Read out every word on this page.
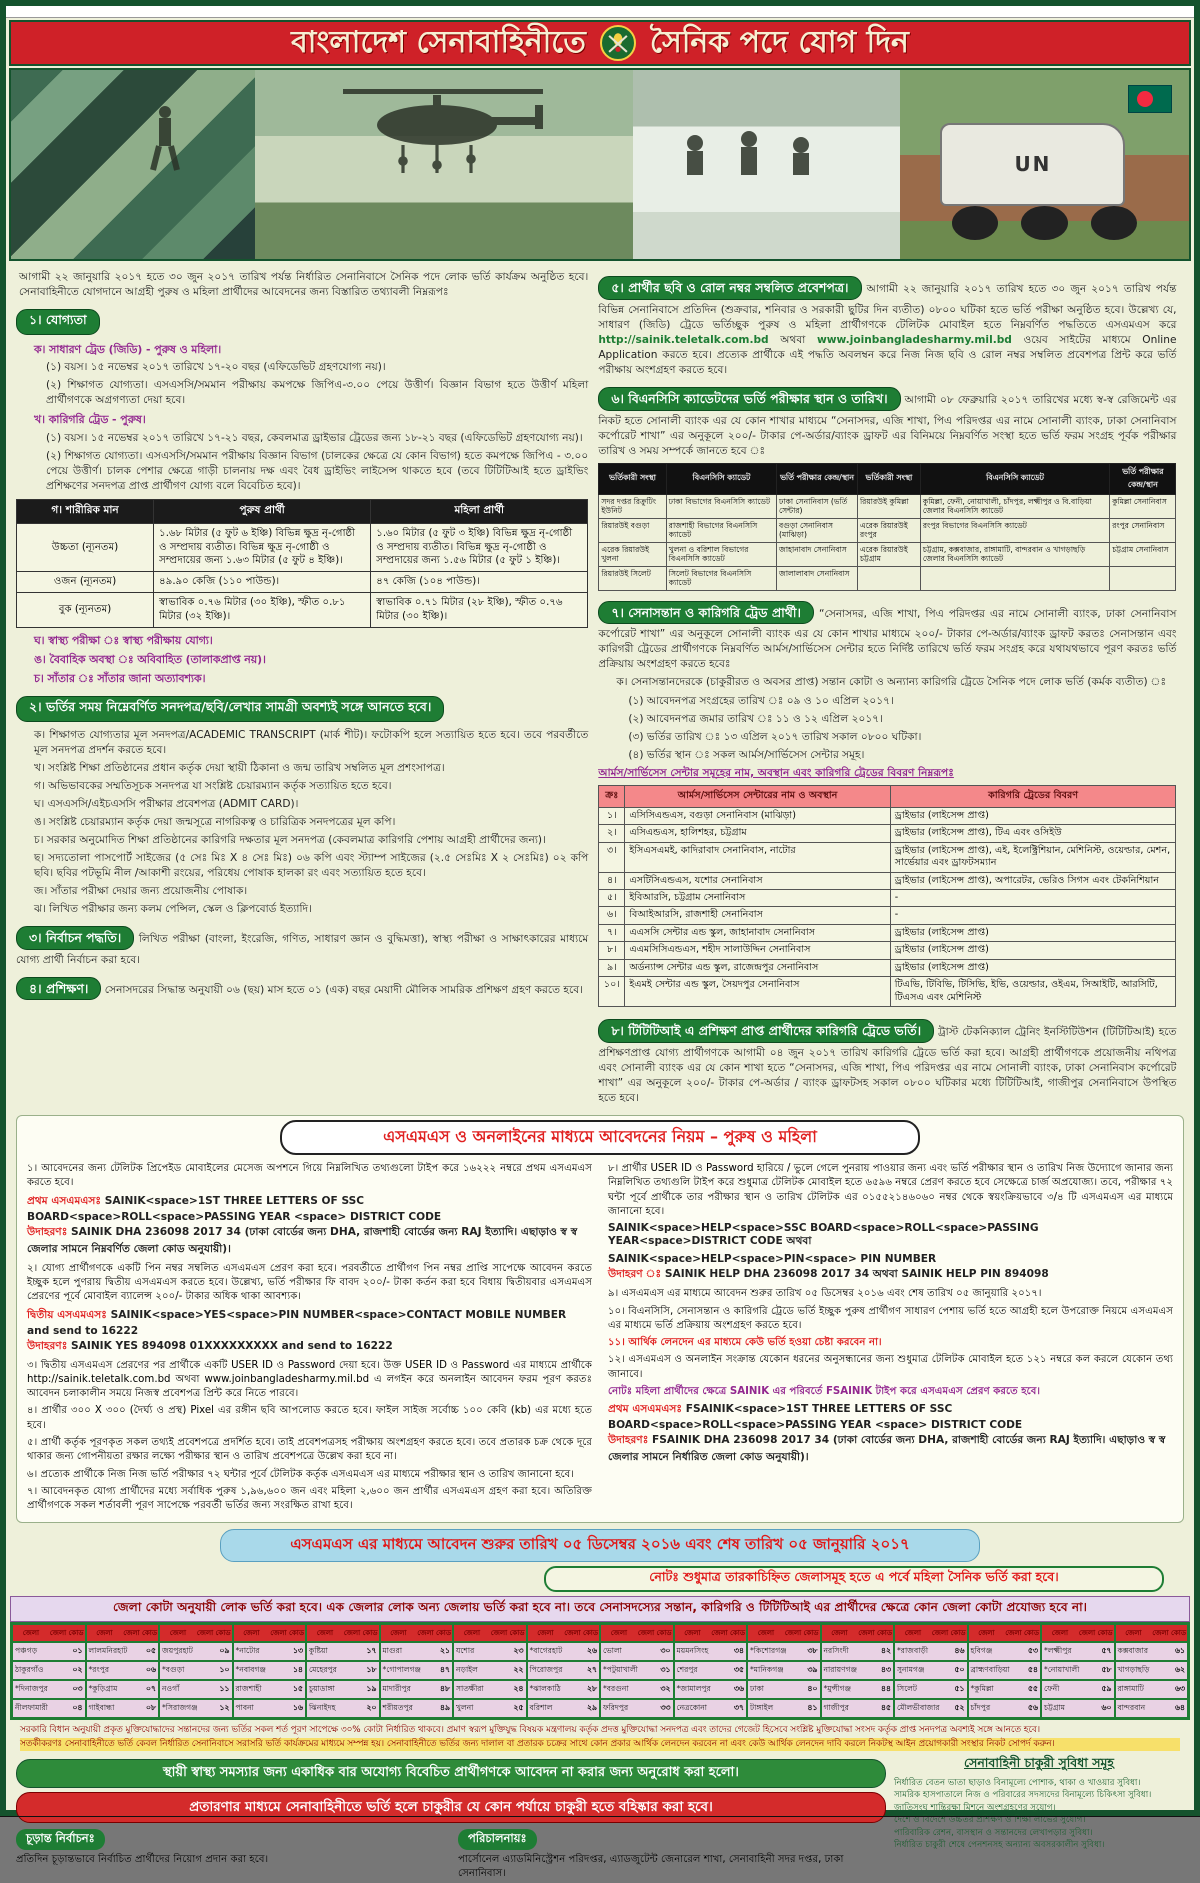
বাংলাদেশ সেনাবাহিনীতে সৈনিক পদে যোগ দিন
UN

আগামী ২২ জানুয়ারি ২০১৭ হতে ৩০ জুন ২০১৭ তারিখ পর্যন্ত নির্ধারিত সেনানিবাসে সৈনিক পদে লোক ভর্তি কার্যক্রম অনুষ্ঠিত হবে। সেনাবাহিনীতে যোগদানে আগ্রহী পুরুষ ও মহিলা প্রার্থীদের আবেদনের জন্য বিস্তারিত তথ্যাবলী নিম্নরূপঃ

১। যোগ্যতা

ক। সাধারণ ট্রেড (জিডি) - পুরুষ ও মহিলা।

(১) বয়স। ১৫ নভেম্বর ২০১৭ তারিখে ১৭-২০ বছর (এফিডেভিট গ্রহণযোগ্য নয়)।

(২) শিক্ষাগত যোগ্যতা। এসএসসি/সমমান পরীক্ষায় কমপক্ষে জিপিএ-৩.০০ পেয়ে উত্তীর্ণ। বিজ্ঞান বিভাগ হতে উত্তীর্ণ মহিলা প্রার্থীগণকে অগ্রগণ্যতা দেয়া হবে।

খ। কারিগরি ট্রেড - পুরুষ।

(১) বয়স। ১৫ নভেম্বর ২০১৭ তারিখে ১৭-২১ বছর, কেবলমাত্র ড্রাইভার ট্রেডের জন্য ১৮-২১ বছর (এফিডেভিট গ্রহণযোগ্য নয়)।

(২) শিক্ষাগত যোগ্যতা। এসএসসি/সমমান পরীক্ষায় বিজ্ঞান বিভাগ (চালকের ক্ষেত্রে যে কোন বিভাগ) হতে কমপক্ষে জিপিএ - ৩.০০ পেয়ে উত্তীর্ণ। চালক পেশার ক্ষেত্রে গাড়ী চালনায় দক্ষ এবং বৈধ ড্রাইভিং লাইসেন্স থাকতে হবে (তবে টিটিটিআই হতে ড্রাইভিং প্রশিক্ষণের সনদপত্র প্রাপ্ত প্রার্থীগণ যোগ্য বলে বিবেচিত হবে)।

গ। শারীরিক মান	পুরুষ প্রার্থী	মহিলা প্রার্থী
উচ্চতা (ন্যূনতম)	১.৬৮ মিটার (৫ ফুট ৬ ইঞ্চি) বিভিন্ন ক্ষুদ্র নৃ-গোষ্ঠী ও সম্প্রদায় ব্যতীত। বিভিন্ন ক্ষুদ্র নৃ-গোষ্ঠী ও সম্প্রদায়ের জন্য ১.৬৩ মিটার (৫ ফুট ৪ ইঞ্চি)।	১.৬০ মিটার (৫ ফুট ৩ ইঞ্চি) বিভিন্ন ক্ষুদ্র নৃ-গোষ্ঠী ও সম্প্রদায় ব্যতীত। বিভিন্ন ক্ষুদ্র নৃ-গোষ্ঠী ও সম্প্রদায়ের জন্য ১.৫৬ মিটার (৫ ফুট ১ ইঞ্চি)।
ওজন (ন্যূনতম)	৪৯.৯০ কেজি (১১০ পাউন্ড)।	৪৭ কেজি (১০৪ পাউন্ড)।
বুক (ন্যূনতম)	স্বাভাবিক ০.৭৬ মিটার (৩০ ইঞ্চি), স্ফীত ০.৮১ মিটার (৩২ ইঞ্চি)।	স্বাভাবিক ০.৭১ মিটার (২৮ ইঞ্চি), স্ফীত ০.৭৬ মিটার (৩০ ইঞ্চি)।

ঘ। স্বাস্থ্য পরীক্ষা ঃ স্বাস্থ্য পরীক্ষায় যোগ্য।

ঙ। বৈবাহিক অবস্থা ঃ অবিবাহিত (তালাকপ্রাপ্ত নয়)।

চ। সাঁতার ঃ সাঁতার জানা অত্যাবশ্যক।

২। ভর্তির সময় নিম্নেবর্ণিত সনদপত্র/ছবি/লেখার সামগ্রী অবশ্যই সঙ্গে আনতে হবে।

ক। শিক্ষাগত যোগ্যতার মূল সনদপত্র/ACADEMIC TRANSCRIPT (মার্ক শীট)। ফটোকপি হলে সত্যায়িত হতে হবে। তবে পরবর্তীতে মূল সনদপত্র প্রদর্শন করতে হবে।

খ। সংশ্লিষ্ট শিক্ষা প্রতিষ্ঠানের প্রধান কর্তৃক দেয়া স্থায়ী ঠিকানা ও জন্ম তারিখ সম্বলিত মূল প্রশংসাপত্র।

গ। অভিভাবকের সম্মতিসূচক সনদপত্র যা সংশ্লিষ্ট চেয়ারম্যান কর্তৃক সত্যায়িত হতে হবে।

ঘ। এসএসসি/এইচএসসি পরীক্ষার প্রবেশপত্র (ADMIT CARD)।

ঙ। সংশ্লিষ্ট চেয়ারম্যান কর্তৃক দেয়া জন্মসূত্রে নাগরিকত্ব ও চারিত্রিক সনদপত্রের মূল কপি।

চ। সরকার অনুমোদিত শিক্ষা প্রতিষ্ঠানের কারিগরি দক্ষতার মূল সনদপত্র (কেবলমাত্র কারিগরি পেশায় আগ্রহী প্রার্থীদের জন্য)।

ছ। সদ্যতোলা পাসপোর্ট সাইজের (৫ সেঃ মিঃ X ৪ সেঃ মিঃ) ০৬ কপি এবং স্ট্যাম্প সাইজের (২.৫ সেঃমিঃ X ২ সেঃমিঃ) ০২ কপি ছবি। ছবির পটভূমি নীল /আকাশী রংয়ের, পরিধেয় পোষাক হালকা রং এবং সত্যায়িত হতে হবে।

জ। সাঁতার পরীক্ষা দেয়ার জন্য প্রয়োজনীয় পোষাক।

ঝ। লিখিত পরীক্ষার জন্য কলম পেন্সিল, স্কেল ও ক্লিপবোর্ড ইত্যাদি।

৩। নির্বাচন পদ্ধতি। লিখিত পরীক্ষা (বাংলা, ইংরেজি, গণিত, সাধারণ জ্ঞান ও বুদ্ধিমত্তা), স্বাস্থ্য পরীক্ষা ও সাক্ষাৎকারের মাধ্যমে যোগ্য প্রার্থী নির্বাচন করা হবে।

৪। প্রশিক্ষণ। সেনাসদরের সিদ্ধান্ত অনুযায়ী ০৬ (ছয়) মাস হতে ০১ (এক) বছর মেয়াদী মৌলিক সামরিক প্রশিক্ষণ গ্রহণ করতে হবে।

৫। প্রার্থীর ছবি ও রোল নম্বর সম্বলিত প্রবেশপত্র। আগামী ২২ জানুয়ারি ২০১৭ তারিখ হতে ৩০ জুন ২০১৭ তারিখ পর্যন্ত বিভিন্ন সেনানিবাসে প্রতিদিন (শুক্রবার, শনিবার ও সরকারী ছুটির দিন ব্যতীত) ০৮০০ ঘটিকা হতে ভর্তি পরীক্ষা অনুষ্ঠিত হবে। উল্লেখ্য যে, সাধারণ (জিডি) ট্রেডে ভর্তিচ্ছুক পুরুষ ও মহিলা প্রার্থীগণকে টেলিটক মোবাইল হতে নিম্নবর্ণিত পদ্ধতিতে এসএমএস করে http://sainik.teletalk.com.bd অথবা www.joinbangladesharmy.mil.bd ওয়েব সাইটের মাধ্যমে Online Application করতে হবে। প্রত্যেক প্রার্থীকে এই পদ্ধতি অবলম্বন করে নিজ নিজ ছবি ও রোল নম্বর সম্বলিত প্রবেশপত্র প্রিন্ট করে ভর্তি পরীক্ষায় অংশগ্রহণ করতে হবে।

৬। বিএনসিসি ক্যাডেটদের ভর্তি পরীক্ষার স্থান ও তারিখ। আগামী ০৮ ফেব্রুয়ারি ২০১৭ তারিখের মধ্যে স্ব-স্ব রেজিমেন্ট এর নিকট হতে সোনালী ব্যাংক এর যে কোন শাখার মাধ্যমে “সেনাসদর, এজি শাখা, পিএ পরিদপ্তর এর নামে সোনালী ব্যাংক, ঢাকা সেনানিবাস কর্পোরেট শাখা” এর অনুকূলে ২০০/- টাকার পে-অর্ডার/ব্যাংক ড্রাফট এর বিনিময়ে নিম্নবর্ণিত সংস্থা হতে ভর্তি ফরম সংগ্রহ পূর্বক পরীক্ষার তারিখ ও সময় সম্পর্কে জানতে হবে ঃ

ভর্তিকারী সংস্থা	বিএনসিসি ক্যাডেট	ভর্তি পরীক্ষার কেন্দ্র/স্থান	ভর্তিকারী সংস্থা	বিএনসিসি ক্যাডেট	ভর্তি পরীক্ষার কেন্দ্র/স্থান
সদর দপ্তর রিক্রুটিং ইউনিট	ঢাকা বিভাগের বিএনসিসি ক্যাডেট	ঢাকা সেনানিবাস (ভর্তি সেন্টার)	রিয়ারউই কুমিল্লা	কুমিল্লা, ফেনী, নোয়াখালী, চাঁদপুর, লক্ষ্মীপুর ও বি.বাড়িয়া জেলার বিএনসিসি ক্যাডেট	কুমিল্লা সেনানিবাস
রিয়ারউই বগুড়া	রাজশাহী বিভাগের বিএনসিসি ক্যাডেট	বগুড়া সেনানিবাস (মাঝিড়া)	এরেক রিয়ারউই রংপুর	রংপুর বিভাগের বিএনসিসি ক্যাডেট	রংপুর সেনানিবাস
এরেক রিয়ারউই খুলনা	খুলনা ও বরিশাল বিভাগের বিএনসিসি ক্যাডেট	জাহানাবাদ সেনানিবাস	এরেক রিয়ারউই চট্টগ্রাম	চট্টগ্রাম, কক্সবাজার, রাঙ্গামাটি, বান্দরবান ও খাগড়াছড়ি জেলার বিএনসিসি ক্যাডেট	চট্টগ্রাম সেনানিবাস
রিয়ারউই সিলেট	সিলেট বিভাগের বিএনসিসি ক্যাডেট	জালালাবাদ সেনানিবাস			

৭। সেনাসন্তান ও কারিগরি ট্রেড প্রার্থী। “সেনাসদর, এজি শাখা, পিএ পরিদপ্তর এর নামে সোনালী ব্যাংক, ঢাকা সেনানিবাস কর্পোরেট শাখা” এর অনুকূলে সোনালী ব্যাংক এর যে কোন শাখার মাধ্যমে ২০০/- টাকার পে-অর্ডার/ব্যাংক ড্রাফট করতঃ সেনাসন্তান এবং কারিগরী ট্রেডের প্রার্থীগণকে নিম্নবর্ণিত আর্মস/সার্ভিসেস সেন্টার হতে নির্দিষ্ট তারিখে ভর্তি ফরম সংগ্রহ করে যথাযথভাবে পূরণ করতঃ ভর্তি প্রক্রিয়ায় অংশগ্রহণ করতে হবেঃ

ক। সেনাসন্তানদেরকে (চাকুরীরত ও অবসর প্রাপ্ত) সন্তান কোটা ও অন্যান্য কারিগরি ট্রেডে সৈনিক পদে লোক ভর্তি (কর্মক ব্যতীত) ঃ

(১) আবেদনপত্র সংগ্রহের তারিখ ঃ ০৯ ও ১০ এপ্রিল ২০১৭।

(২) আবেদনপত্র জমার তারিখ ঃ ১১ ও ১২ এপ্রিল ২০১৭।

(৩) ভর্তির তারিখ ঃ ১৩ এপ্রিল ২০১৭ তারিখ সকাল ০৮০০ ঘটিকা।

(৪) ভর্তির স্থান ঃ সকল আর্মস/সার্ভিসেস সেন্টার সমূহ।

আর্মস/সার্ভিসেস সেন্টার সমূহের নাম, অবস্থান এবং কারিগরি ট্রেডের বিবরণ নিম্নরূপঃ

ক্রঃ	আর্মস/সার্ভিসেস সেন্টারের নাম ও অবস্থান	কারিগরি ট্রেডের বিবরণ
১।	এসিসিএন্ডএস, বগুড়া সেনানিবাস (মাঝিড়া)	ড্রাইভার (লাইসেন্স প্রাপ্ত)
২।	এসিএন্ডএস, হালিশহর, চট্টগ্রাম	ড্রাইভার (লাইসেন্স প্রাপ্ত), টিএ এবং ওসিইউ
৩।	ইসিএসএমই, কাদিরাবাদ সেনানিবাস, নাটোর	ড্রাইভার (লাইসেন্স প্রাপ্ত), এই, ইলেক্ট্রিশিয়ান, মেশিনিস্ট, ওয়েল্ডার, মেশন, সার্ভেয়ার এবং ড্রাফটসম্যান
৪।	এসটিসিএন্ডএস, যশোর সেনানিবাস	ড্রাইভার (লাইসেন্স প্রাপ্ত), অপারেটর, ভেরিও সিগস এবং টেকনিশিয়ান
৫।	ইবিআরসি, চট্টগ্রাম সেনানিবাস	-
৬।	বিআইআরসি, রাজশাহী সেনানিবাস	-
৭।	এএসসি সেন্টার এন্ড স্কুল, জাহানাবাদ সেনানিবাস	ড্রাইভার (লাইসেন্স প্রাপ্ত)
৮।	এএমসিসিএন্ডএস, শহীদ সালাউদ্দিন সেনানিবাস	ড্রাইভার (লাইসেন্স প্রাপ্ত)
৯।	অর্ডন্যান্স সেন্টার এন্ড স্কুল, রাজেন্দ্রপুর সেনানিবাস	ড্রাইভার (লাইসেন্স প্রাপ্ত)
১০।	ইএমই সেন্টার এন্ড স্কুল, সৈয়দপুর সেনানিবাস	টিএভি, টিবিভি, টিসিভি, ইভি, ওয়েল্ডার, ওইএম, সিআইটি, আরসিটি, টিএসএ এবং মেশিনিস্ট

৮। টিটিটিআই এ প্রশিক্ষণ প্রাপ্ত প্রার্থীদের কারিগরি ট্রেডে ভর্তি। ট্রাস্ট টেকনিক্যাল ট্রেনিং ইনস্টিটিউশন (টিটিটিআই) হতে প্রশিক্ষণপ্রাপ্ত যোগ্য প্রার্থীগণকে আগামী ০৪ জুন ২০১৭ তারিখ কারিগরি ট্রেডে ভর্তি করা হবে। আগ্রহী প্রার্থীগণকে প্রয়োজনীয় নথিপত্র এবং সোনালী ব্যাংক এর যে কোন শাখা হতে “সেনাসদর, এজি শাখা, পিএ পরিদপ্তর এর নামে সোনালী ব্যাংক, ঢাকা সেনানিবাস কর্পোরেট শাখা” এর অনুকূলে ২০০/- টাকার পে-অর্ডার / ব্যাংক ড্রাফটসহ সকাল ০৮০০ ঘটিকার মধ্যে টিটিটিআই, গাজীপুর সেনানিবাসে উপস্থিত হতে হবে।

এসএমএস ও অনলাইনের মাধ্যমে আবেদনের নিয়ম – পুরুষ ও মহিলা

১। আবেদনের জন্য টেলিটক প্রিপেইড মোবাইলের মেসেজ অপশনে গিয়ে নিম্নলিখিত তথ্যগুলো টাইপ করে ১৬২২২ নম্বরে প্রথম এসএমএস করতে হবে।

প্রথম এসএমএসঃ SAINIK<space>1ST THREE LETTERS OF SSC BOARD<space>ROLL<space>PASSING YEAR <space> DISTRICT CODE

উদাহরণঃ SAINIK DHA 236098 2017 34 (ঢাকা বোর্ডের জন্য DHA, রাজশাহী বোর্ডের জন্য RAJ ইত্যাদি। এছাড়াও স্ব স্ব জেলার সামনে নিম্নবর্ণিত জেলা কোড অনুযায়ী)।

২। যোগ্য প্রার্থীগণকে একটি পিন নম্বর সম্বলিত এসএমএস প্রেরণ করা হবে। পরবর্তীতে প্রার্থীগণ পিন নম্বর প্রাপ্তি সাপেক্ষে আবেদন করতে ইচ্ছুক হলে পুণরায় দ্বিতীয় এসএমএস করতে হবে। উল্লেখ্য, ভর্তি পরীক্ষার ফি বাবদ ২০০/- টাকা কর্তন করা হবে বিধায় দ্বিতীয়বার এসএমএস প্রেরণের পূর্বে মোবাইল ব্যালেন্স ২০০/- টাকার অধিক থাকা আবশ্যক।

দ্বিতীয় এসএমএসঃ SAINIK<space>YES<space>PIN NUMBER<space>CONTACT MOBILE NUMBER and send to 16222

উদাহরণঃ SAINIK YES 894098 01XXXXXXXXX and send to 16222

৩। দ্বিতীয় এসএমএস প্রেরণের পর প্রার্থীকে একটি USER ID ও Password দেয়া হবে। উক্ত USER ID ও Password এর মাধ্যমে প্রার্থীকে http://sainik.teletalk.com.bd অথবা www.joinbangladesharmy.mil.bd এ লগইন করে অনলাইন আবেদন ফরম পূরণ করতঃ আবেদন চলাকালীন সময়ে নিজস্ব প্রবেশপত্র প্রিন্ট করে নিতে পারবে।

৪। প্রার্থীর ৩০০ X ৩০০ (দৈর্ঘ্য ও প্রস্থ) Pixel এর রঙ্গীন ছবি আপলোড করতে হবে। ফাইল সাইজ সর্বোচ্চ ১০০ কেবি (kb) এর মধ্যে হতে হবে।

৫। প্রার্থী কর্তৃক পূরণকৃত সকল তথ্যই প্রবেশপত্রে প্রদর্শিত হবে। তাই প্রবেশপত্রসহ পরীক্ষায় অংশগ্রহণ করতে হবে। তবে প্রতারক চক্র থেকে দূরে থাকার জন্য গোপনীয়তা রক্ষার লক্ষ্যে পরীক্ষার স্থান ও তারিখ প্রবেশপত্রে উল্লেখ করা হবে না।

৬। প্রত্যেক প্রার্থীকে নিজ নিজ ভর্তি পরীক্ষার ৭২ ঘন্টার পূর্বে টেলিটক কর্তৃক এসএমএস এর মাধ্যমে পরীক্ষার স্থান ও তারিখ জানানো হবে।

৭। আবেদনকৃত যোগ্য প্রার্থীদের মধ্যে সর্বাধিক পুরুষ ১,৯৬,৬০০ জন এবং মহিলা ২,৬০০ জন প্রার্থীর এসএমএস গ্রহণ করা হবে। অতিরিক্ত প্রার্থীগণকে সকল শর্তাবলী পূরণ সাপেক্ষে পরবর্তী ভর্তির জন্য সংরক্ষিত রাখা হবে।

৮। প্রার্থীর USER ID ও Password হারিয়ে / ভুলে গেলে পুনরায় পাওয়ার জন্য এবং ভর্তি পরীক্ষার স্থান ও তারিখ নিজ উদ্যোগে জানার জন্য নিম্নলিখিত তথ্যগুলি টাইপ করে শুধুমাত্র টেলিটক মোবাইল হতে ৬৫৯৬ নম্বরে প্রেরণ করতে হবে সেক্ষেত্রে চার্জ অপ্রযোজ্য। তবে, পরীক্ষার ৭২ ঘন্টা পূর্বে প্রার্থীকে তার পরীক্ষার স্থান ও তারিখ টেলিটক এর ০১৫৫২১৪৬০৬০ নম্বর থেকে স্বয়ংক্রিয়ভাবে ৩/৪ টি এসএমএস এর মাধ্যমে জানানো হবে।

SAINIK<space>HELP<space>SSC BOARD<space>ROLL<space>PASSING YEAR<space>DISTRICT CODE অথবা

SAINIK<space>HELP<space>PIN<space> PIN NUMBER

উদাহরণ ঃ SAINIK HELP DHA 236098 2017 34 অথবা SAINIK HELP PIN 894098

৯। এসএমএস এর মাধ্যমে আবেদন শুরুর তারিখ ০৫ ডিসেম্বর ২০১৬ এবং শেষ তারিখ ০৫ জানুয়ারি ২০১৭।

১০। বিএনসিসি, সেনাসন্তান ও কারিগরি ট্রেডে ভর্তি ইচ্ছুক পুরুষ প্রার্থীগণ সাধারণ পেশায় ভর্তি হতে আগ্রহী হলে উপরোক্ত নিয়মে এসএমএস এর মাধ্যমে ভর্তি প্রক্রিয়ায় অংশগ্রহণ করতে হবে।

১১। আর্থিক লেনদেন এর মাধ্যমে কেউ ভর্তি হওয়া চেষ্টা করবেন না।

১২। এসএমএস ও অনলাইন সংক্রান্ত যেকোন ধরনের অনুসন্ধানের জন্য শুধুমাত্র টেলিটক মোবাইল হতে ১২১ নম্বরে কল করলে যেকোন তথ্য জানাবে।

নোটঃ মহিলা প্রার্থীদের ক্ষেত্রে SAINIK এর পরিবর্তে FSAINIK টাইপ করে এসএমএস প্রেরণ করতে হবে।

প্রথম এসএমএসঃ FSAINIK<space>1ST THREE LETTERS OF SSC BOARD<space>ROLL<space>PASSING YEAR <space> DISTRICT CODE

উদাহরণঃ FSAINIK DHA 236098 2017 34 (ঢাকা বোর্ডের জন্য DHA, রাজশাহী বোর্ডের জন্য RAJ ইত্যাদি। এছাড়াও স্ব স্ব জেলার সামনে নির্ধারিত জেলা কোড অনুযায়ী)।

এসএমএস এর মাধ্যমে আবেদন শুরুর তারিখ ০৫ ডিসেম্বর ২০১৬ এবং শেষ তারিখ ০৫ জানুয়ারি ২০১৭
নোটঃ শুধুমাত্র তারকাচিহ্নিত জেলাসমূহ হতে এ পর্বে মহিলা সৈনিক ভর্তি করা হবে।
জেলা কোটা অনুযায়ী লোক ভর্তি করা হবে। এক জেলার লোক অন্য জেলায় ভর্তি করা হবে না। তবে সেনাসদস্যের সন্তান, কারিগরি ও টিটিটিআই এর প্রার্থীদের ক্ষেত্রে কোন জেলা কোটা প্রযোজ্য হবে না।
জেলা	জেলা কোড	জেলা	জেলা কোড	জেলা	জেলা কোড	জেলা	জেলা কোড	জেলা	জেলা কোড	জেলা	জেলা কোড	জেলা	জেলা কোড	জেলা	জেলা কোড	জেলা	জেলা কোড	জেলা	জেলা কোড	জেলা	জেলা কোড	জেলা	জেলা কোড	জেলা	জেলা কোড	জেলা	জেলা কোড	জেলা	জেলা কোড	জেলা	জেলা কোড
পঞ্চগড়	০১ লালমনিরহাট ০৫ জয়পুরহাট	০৯ *নাটোর	১৩ কুষ্টিয়া	১৭ মাগুরা	২১ যশোর	২৩ *বাগেরহাট	২৬ ভোলা	৩০ ময়মনসিংহ	৩৪ *কিশোরগঞ্জ	৩৮ নরসিংদী	৪২ *রাজবাড়ী	৪৬ হবিগঞ্জ	৫৩ *লক্ষ্মীপুর	৫৭ কক্সবাজার	৬১
ঠাকুরগাঁও	০২ *রংপুর	০৬ *বগুড়া	১০ *নবাবগঞ্জ	১৪ মেহেরপুর	১৮ *গোপালগঞ্জ ৪৭ নড়াইল	২২ পিরোজপুর	২৭ *পটুয়াখালী	৩১ শেরপুর	৩৫ *মানিকগঞ্জ	৩৯ নারায়ণগঞ্জ	৪৩ সুনামগঞ্জ	৫০ ব্রাহ্মণবাড়িয়া ৫৪ *নোয়াখালী	৫৮ খাগড়াছড়ি	৬২
*দিনাজপুর	০৩ *কুড়িগ্রাম	০৭ নওগাঁ	১১ রাজশাহী	১৫ চুয়াডাঙ্গা	১৯ মাদারীপুর	৪৮ সাতক্ষীরা	২৪ *ঝালকাঠি	২৮ *বরগুনা	৩২ *জামালপুর	৩৬ ঢাকা	৪০ *মুন্সীগঞ্জ	৪৪ সিলেট	৫১ *কুমিল্লা	৫৫ ফেনী	৫৯ রাঙ্গামাটি	৬৩
নীলফামারী	০৪ গাইবান্ধা	০৮ *সিরাজগঞ্জ	১২ পাবনা	১৬ ঝিনাইদহ	২০ শরীয়তপুর	৪৯ খুলনা	২৫ বরিশাল	২৯ ফরিদপুর	৩৩ নেত্রকোনা	৩৭ টাঙ্গাইল	৪১ গাজীপুর	৪৫ মৌলভীবাজার ৫২ চাঁদপুর	৫৬ চট্টগ্রাম	৬০ বান্দরবান	৬৪
সরকারি বিধান অনুযায়ী প্রকৃত মুক্তিযোদ্ধাদের সন্তানদের জন্য ভর্তির সকল শর্ত পূরণ সাপেক্ষে ৩০% কোটা নির্ধারিত থাকবে। প্রমাণ স্বরূপ মুক্তিযুদ্ধ বিষয়ক মন্ত্রণালয় কর্তৃক প্রদত্ত মুক্তিযোদ্ধা সনদপত্র এবং তাদের গেজেট হিসেবে সংশ্লিষ্ট মুক্তিযোদ্ধা সংসদ কর্তৃক প্রাপ্ত সনদপত্র অবশ্যই সঙ্গে আনতে হবে।
সতর্কীকরণঃ সেনাবাহিনীতে ভর্তি কেবল নির্ধারিত সেনানিবাসে সরাসরি ভর্তি কার্যক্রমের মাধ্যমে সম্পন্ন হয়। সেনাবাহিনীতে ভর্তির জন্য দালাল বা প্রতারক চক্রের সাথে কোন প্রকার আর্থিক লেনদেন করবেন না এবং কেউ আর্থিক লেনদেন দাবি করলে নিকটস্থ আইন প্রয়োগকারী সংস্থার নিকট সোপর্দ করুন।
স্থায়ী স্বাস্থ্য সমস্যার জন্য একাধিক বার অযোগ্য বিবেচিত প্রার্থীগণকে আবেদন না করার জন্য অনুরোধ করা হলো।
প্রতারণার মাধ্যমে সেনাবাহিনীতে ভর্তি হলে চাকুরীর যে কোন পর্যায়ে চাকুরী হতে বহিষ্কার করা হবে।
চূড়ান্ত নির্বাচনঃ
প্রতিদিন চূড়ান্তভাবে নির্বাচিত প্রার্থীদের নিয়োগ প্রদান করা হবে।
পরিচালনায়ঃ
পার্সোনেল এ্যাডমিনিস্ট্রেশন পরিদপ্তর, এ্যাডজুটেন্ট জেনারেল শাখা, সেনাবাহিনী সদর দপ্তর, ঢাকা সেনানিবাস।
সেনাবাহিনী চাকুরী সুবিধা সমূহ
নির্ধারিত বেতন ভাতা ছাড়াও বিনামূল্যে পোশাক, থাকা ও খাওয়ার সুবিধা।
সামরিক হাসপাতালে নিজ ও পরিবারের সদস্যদের বিনামূল্যে চিকিৎসা সুবিধা।
জাতিসংঘ শান্তিরক্ষা মিশনে অংশগ্রহণের সুযোগ।
দেশে ও বিদেশে উচ্চতর প্রশিক্ষণ ও শিক্ষা লাভের সুযোগ।
পারিবারিক রেশন, বাসস্থান ও সন্তানদের লেখাপড়ার সুবিধা।
নির্ধারিত চাকুরী শেষে পেনশনসহ অন্যান্য অবসরকালীন সুবিধা।
